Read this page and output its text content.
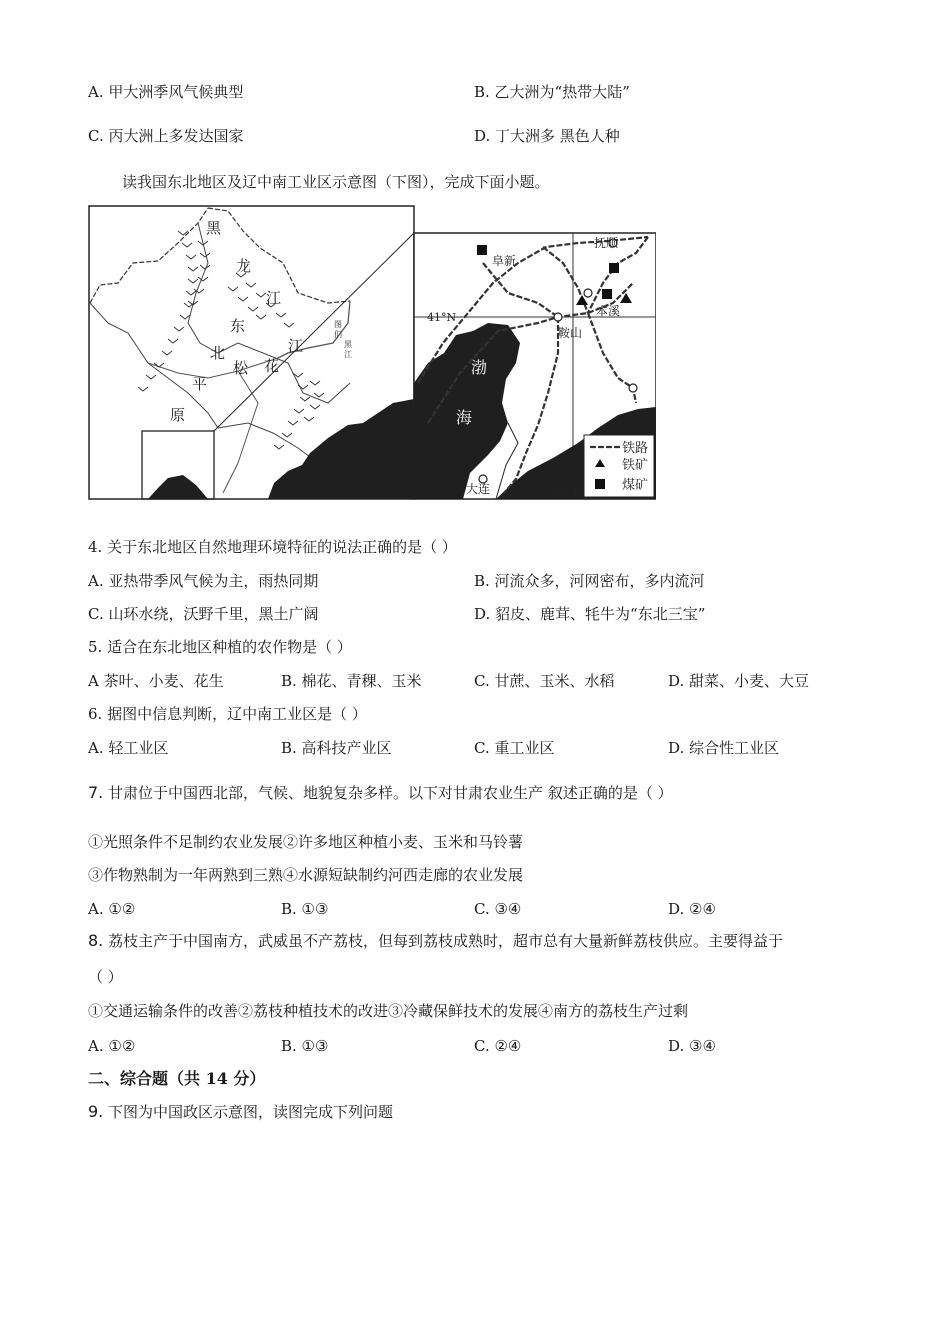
A. 甲大洲季风气候典型	B. 乙大洲为“热带大陆”
C. 丙大洲上多发达国家	D. 丁大洲多 黑色人种
读我国东北地区及辽中南工业区示意图（下图），完成下面小题。
黑
龙
江
东
北
松 花
江
平
原
图
们
黑
江
阜新
抚顺
本溪
鞍山
大连
41°N
123°E
渤
海
铁路
铁矿
煤矿
4. 关于东北地区自然地理环境特征的说法正确的是（ ）
A. 亚热带季风气候为主，雨热同期	B. 河流众多，河网密布，多内流河
C. 山环水绕，沃野千里，黑土广阔	D. 貂皮、鹿茸、牦牛为“东北三宝”
5. 适合在东北地区种植的农作物是（ ）
A 茶叶、小麦、花生	B. 棉花、青稞、玉米	C. 甘蔗、玉米、水稻	D. 甜菜、小麦、大豆
6. 据图中信息判断，辽中南工业区是（ ）
A. 轻工业区	B. 高科技产业区	C. 重工业区	D. 综合性工业区
7. 甘肃位于中国西北部，气候、地貌复杂多样。以下对甘肃农业生产 叙述正确的是（ ）
①光照条件不足制约农业发展②许多地区种植小麦、玉米和马铃薯
③作物熟制为一年两熟到三熟④水源短缺制约河西走廊的农业发展
A. ①②	B. ①③	C. ③④	D. ②④
8. 荔枝主产于中国南方，武威虽不产荔枝，但每到荔枝成熟时，超市总有大量新鲜荔枝供应。主要得益于
（ ）
①交通运输条件的改善②荔枝种植技术的改进③冷藏保鲜技术的发展④南方的荔枝生产过剩
A. ①②	B. ①③	C. ②④	D. ③④
二、综合题（共 14 分）
9. 下图为中国政区示意图，读图完成下列问题
